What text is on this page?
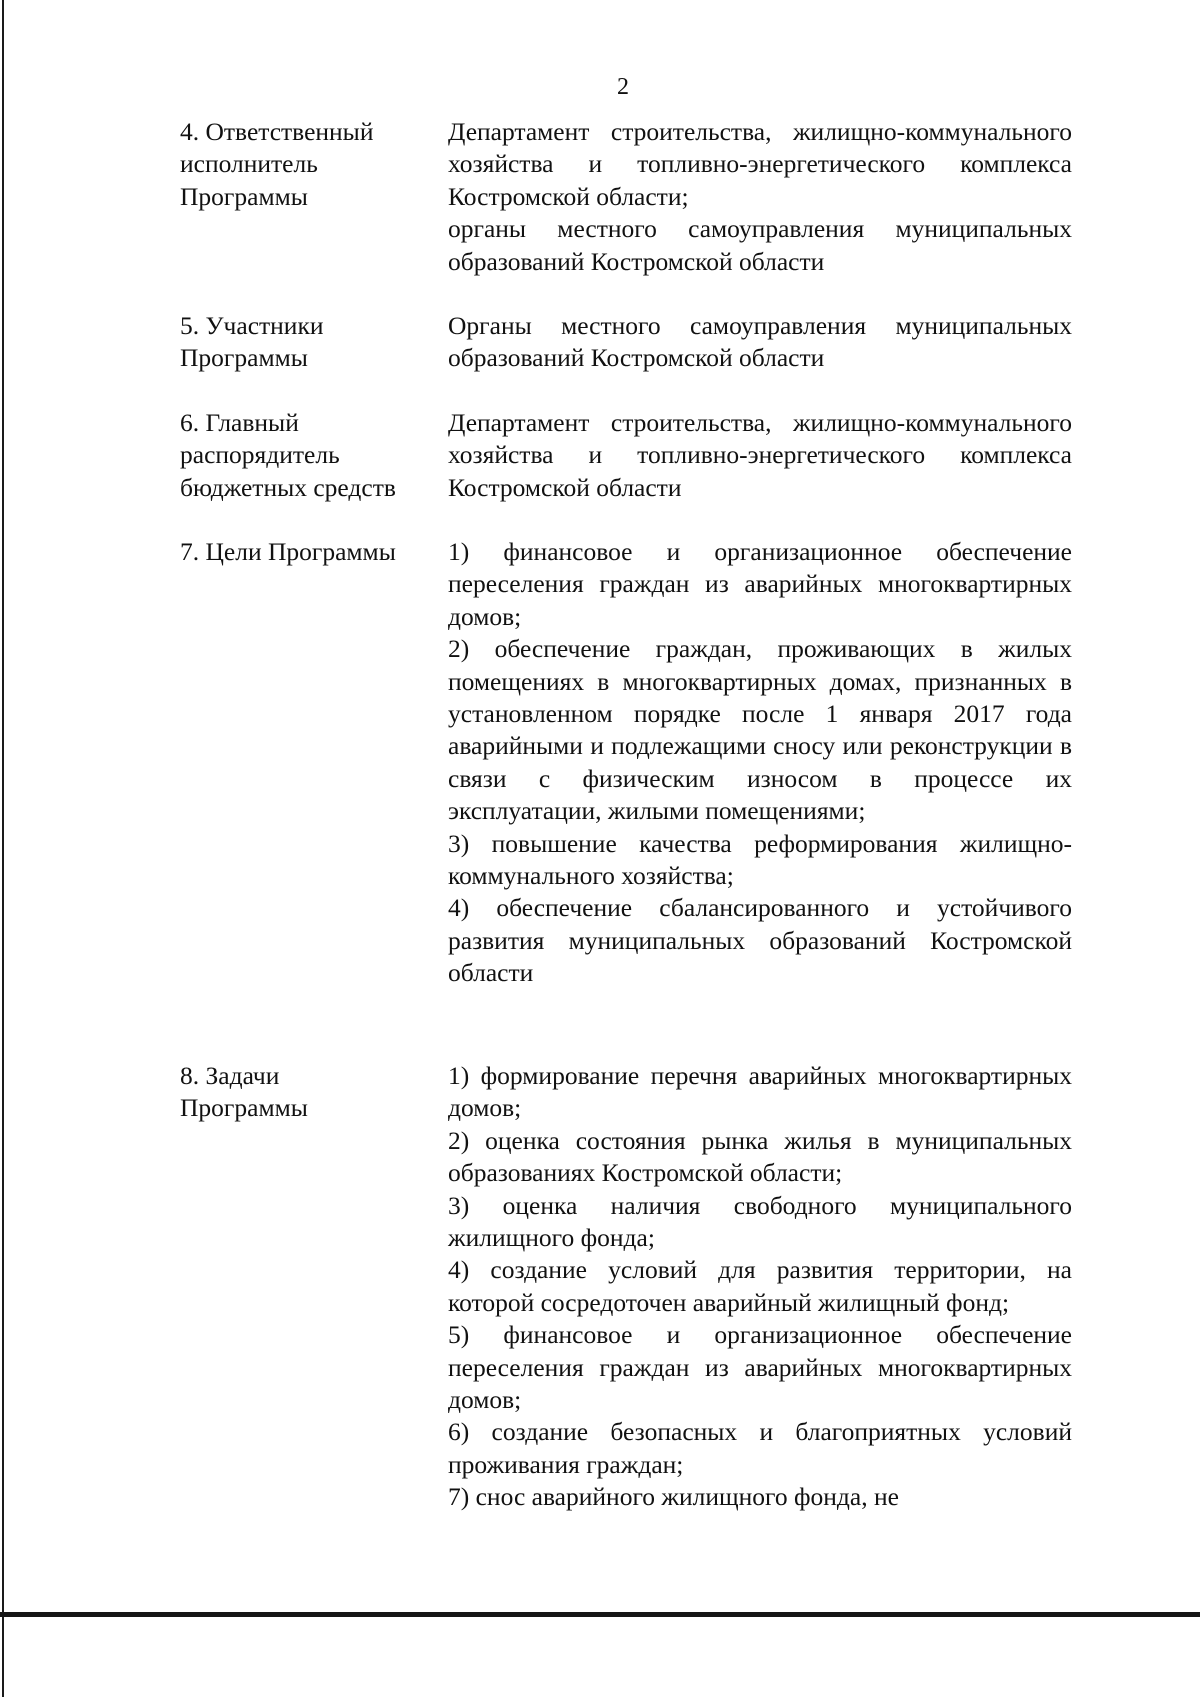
2
4. Ответственный
исполнитель
Программы

Департамент строительства, жилищно-коммунального хозяйства и топливно-энергетического комплекса Костромской области;

органы местного самоуправления муниципальных образований Костромской области

5. Участники
Программы

Органы местного самоуправления муниципальных образований Костромской области

6. Главный
распорядитель
бюджетных средств

Департамент строительства, жилищно-коммунального хозяйства и топливно-энергетического комплекса Костромской области

7. Цели Программы	1) финансовое и организационное обеспечение переселения граждан из аварийных многоквартирных домов;

2) обеспечение граждан, проживающих в жилых помещениях в многоквартирных домах, признанных в установленном порядке после 1 января 2017 года аварийными и подлежащими сносу или реконструкции в связи с физическим износом в процессе их эксплуатации, жилыми помещениями;

3) повышение качества реформирования жилищно-коммунального хозяйства;

4) обеспечение сбалансированного и устойчивого развития муниципальных образований Костромской области

8. Задачи
Программы

1) формирование перечня аварийных многоквартирных домов;

2) оценка состояния рынка жилья в муниципальных образованиях Костромской области;

3) оценка наличия свободного муниципального жилищного фонда;

4) создание условий для развития территории, на которой сосредоточен аварийный жилищный фонд;

5) финансовое и организационное обеспечение переселения граждан из аварийных многоквартирных домов;

6) создание безопасных и благоприятных условий проживания граждан;

7) снос аварийного жилищного фонда, не
